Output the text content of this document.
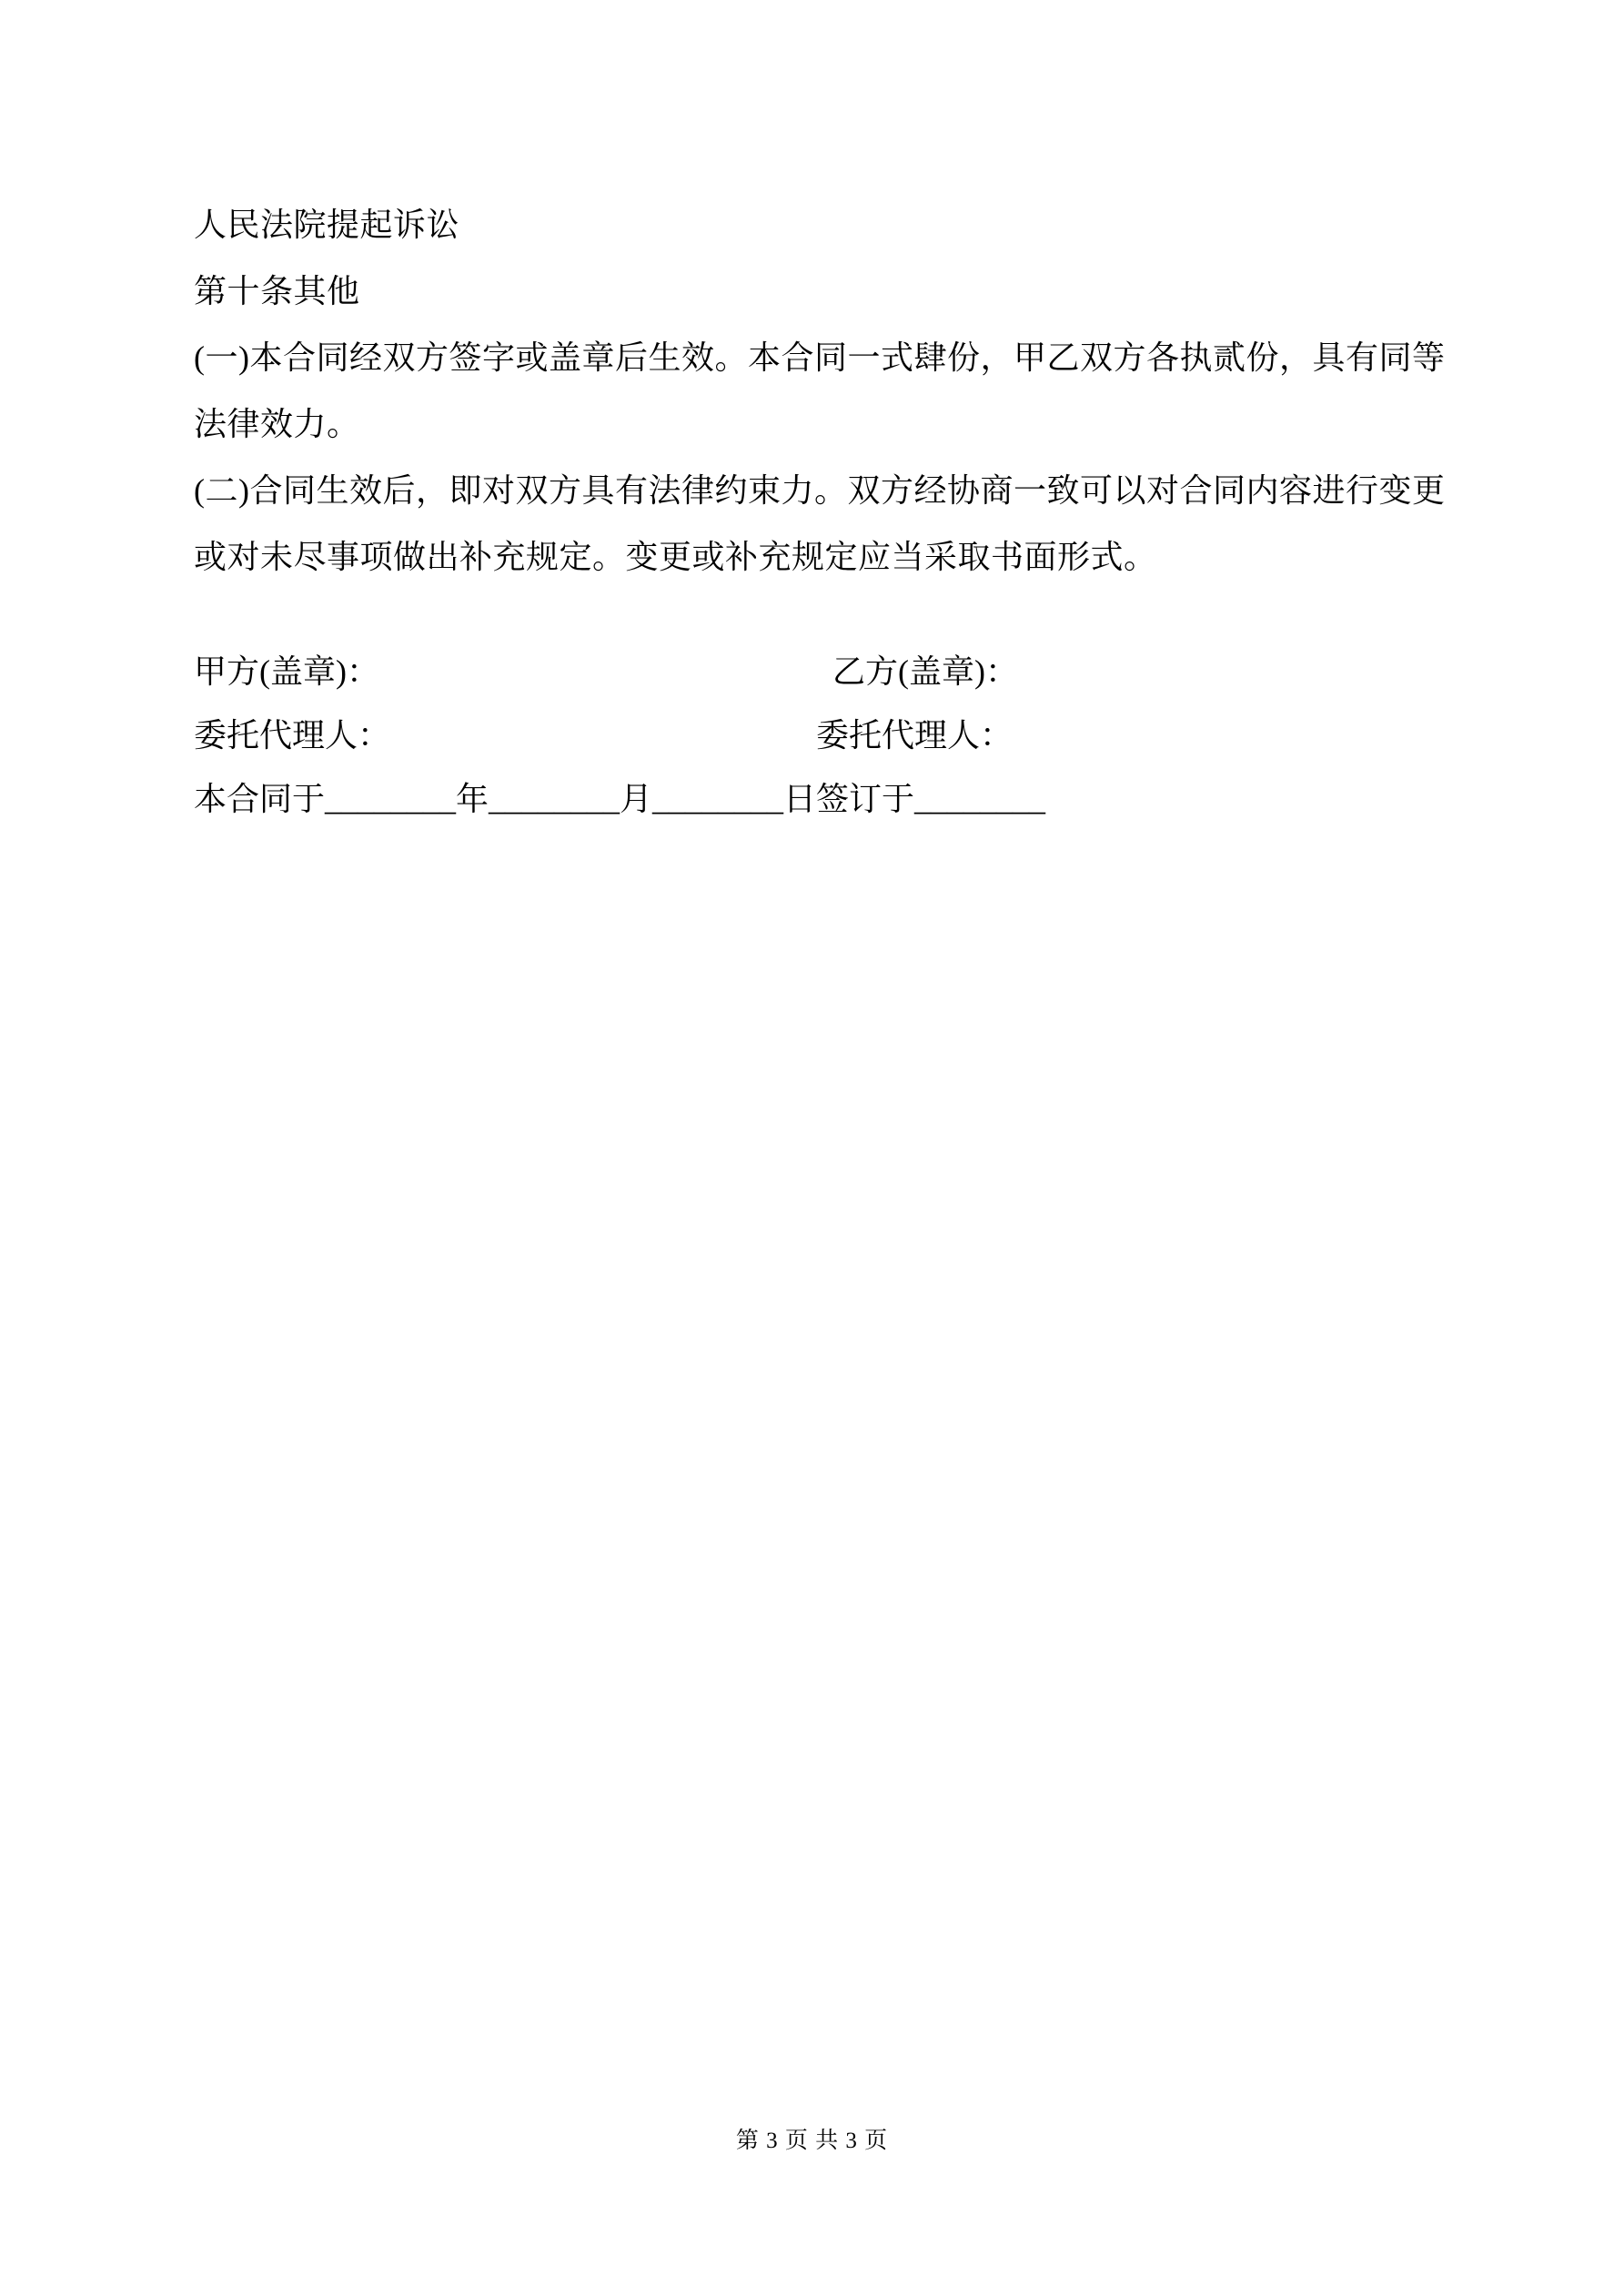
人民法院提起诉讼
第十条其他
(一)本合同经双方签字或盖章后生效。本合同一式肆份，甲乙双方各执贰份，具有同等
法律效力。
(二)合同生效后，即对双方具有法律约束力。双方经协商一致可以对合同内容进行变更
或对未尽事项做出补充规定。变更或补充规定应当采取书面形式。
甲方(盖章)：	乙方(盖章)：
委托代理人：	委托代理人：
本合同于________年________月________日签订于________
第 3 页 共 3 页
